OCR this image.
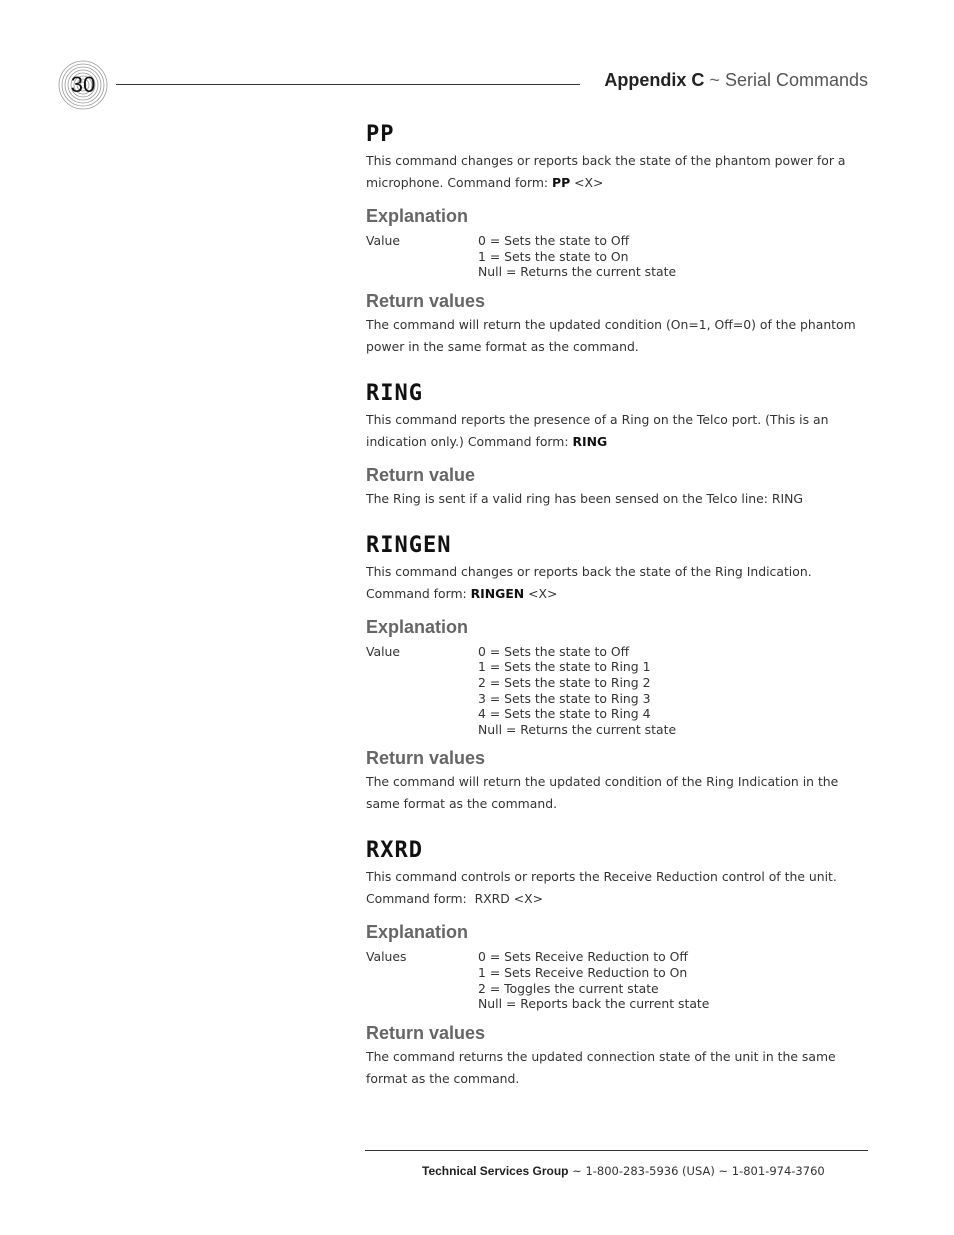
30	Appendix C ~ Serial Commands
PP

This command changes or reports back the state of the phantom power for a microphone. Command form: PP <X>

Explanation
Value	0 = Sets the state to Off
1 = Sets the state to On
Null = Returns the current state
Return values

The command will return the updated condition (On=1, Off=0) of the phantom power in the same format as the command.

RING

This command reports the presence of a Ring on the Telco port. (This is an indication only.) Command form: RING

Return value

The Ring is sent if a valid ring has been sensed on the Telco line: RING

RINGEN

This command changes or reports back the state of the Ring Indication.

Command form: RINGEN <X>

Explanation
Value	0 = Sets the state to Off
1 = Sets the state to Ring 1
2 = Sets the state to Ring 2
3 = Sets the state to Ring 3
4 = Sets the state to Ring 4
Null = Returns the current state
Return values

The command will return the updated condition of the Ring Indication in the same format as the command.

RXRD

This command controls or reports the Receive Reduction control of the unit.

Command form:  RXRD <X>

Explanation
Values	0 = Sets Receive Reduction to Off
1 = Sets Receive Reduction to On
2 = Toggles the current state
Null = Reports back the current state
Return values

The command returns the updated connection state of the unit in the same format as the command.

Technical Services Group ~ 1-800-283-5936 (USA) ~ 1-801-974-3760
